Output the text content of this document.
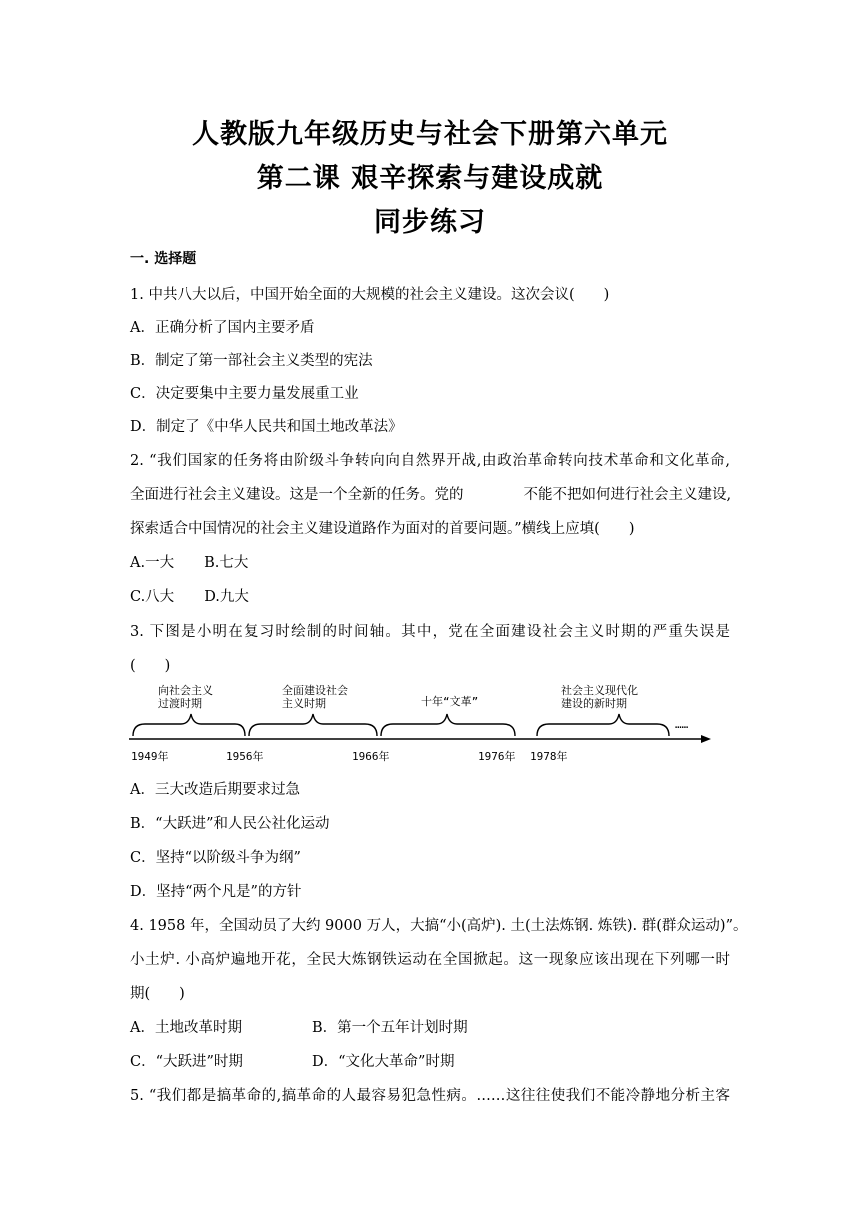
人教版九年级历史与社会下册第六单元
第二课 艰辛探索与建设成就
同步练习
一. 选择题
1. 中共八大以后，中国开始全面的大规模的社会主义建设。这次会议(　　)
A．正确分析了国内主要矛盾
B．制定了第一部社会主义类型的宪法
C．决定要集中主要力量发展重工业
D．制定了《中华人民共和国土地改革法》
2. “我们国家的任务将由阶级斗争转向向自然界开战,由政治革命转向技术革命和文化革命,
全面进行社会主义建设。这是一个全新的任务。党的	不能不把如何进行社会主义建设,
探索适合中国情况的社会主义建设道路作为面对的首要问题。”横线上应填(　　)
A.一大 B.七大
C.八大 D.九大
3. 下图是小明在复习时绘制的时间轴。其中，党在全面建设社会主义时期的严重失误是
(　　)
向社会主义
过渡时期
全面建设社会
主义时期	十年“文革”
社会主义现代化
建设的新时期
……
1949年	1956年	1966年	1976年 1978年
A．三大改造后期要求过急
B．“大跃进”和人民公社化运动
C．坚持“以阶级斗争为纲”
D．坚持“两个凡是”的方针
4. 1958 年，全国动员了大约 9000 万人，大搞“小(高炉). 土(土法炼钢. 炼铁). 群(群众运动)”。
小土炉. 小高炉遍地开花，全民大炼钢铁运动在全国掀起。这一现象应该出现在下列哪一时
期(　　)
A．土地改革时期	B．第一个五年计划时期
C．“大跃进”时期	D．“文化大革命”时期
5. “我们都是搞革命的,搞革命的人最容易犯急性病。……这往往使我们不能冷静地分析主客
